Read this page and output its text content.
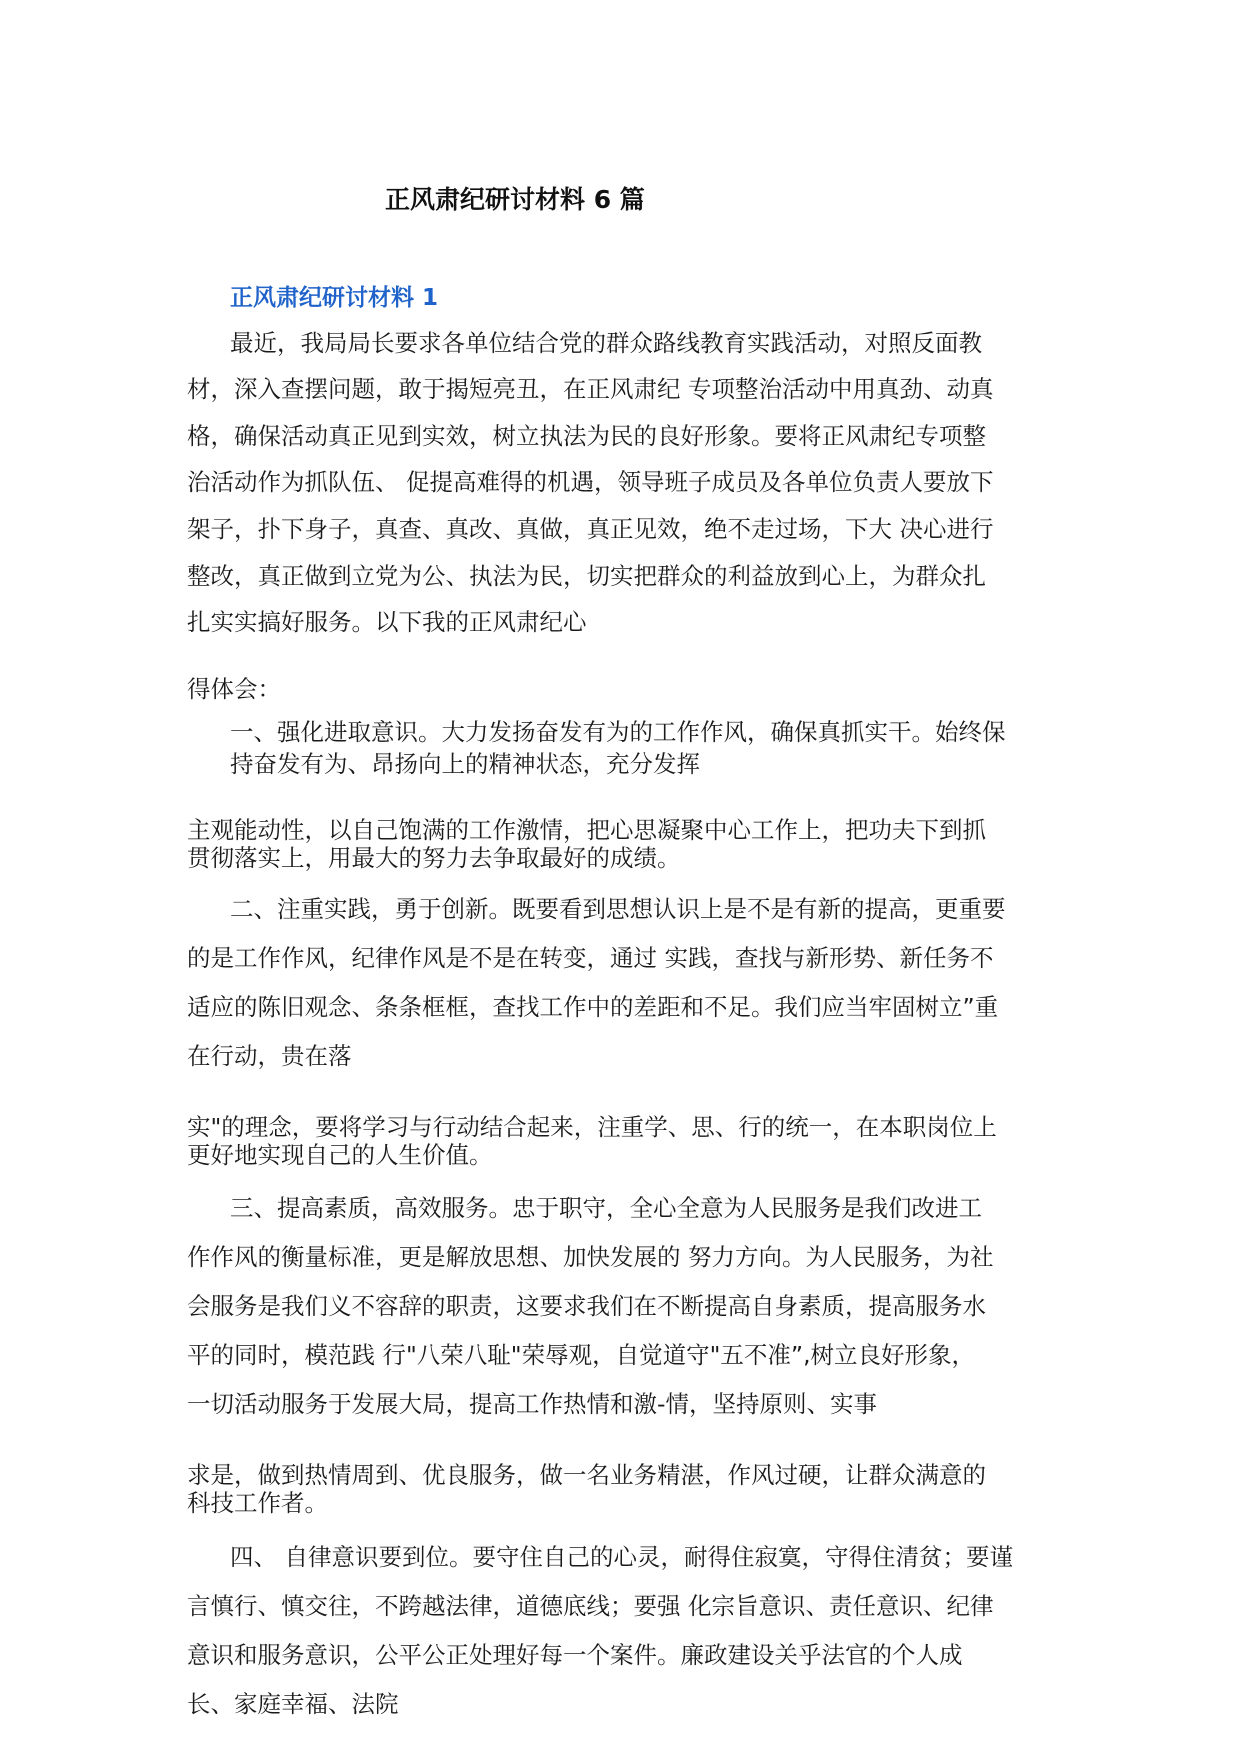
正风肃纪研讨材料 6 篇
正风肃纪研讨材料 1
最近，我局局长要求各单位结合党的群众路线教育实践活动，对照反面教
材，深入查摆问题，敢于揭短亮丑，在正风肃纪 专项整治活动中用真劲、动真
格，确保活动真正见到实效，树立执法为民的良好形象。要将正风肃纪专项整
治活动作为抓队伍、 促提高难得的机遇，领导班子成员及各单位负责人要放下
架子，扑下身子，真查、真改、真做，真正见效，绝不走过场，下大 决心进行
整改，真正做到立党为公、执法为民，切实把群众的利益放到心上，为群众扎
扎实实搞好服务。以下我的正风肃纪心
得体会：
一、强化进取意识。大力发扬奋发有为的工作作风，确保真抓实干。始终保
持奋发有为、昂扬向上的精神状态，充分发挥
主观能动性，以自己饱满的工作激情，把心思凝聚中心工作上，把功夫下到抓
贯彻落实上，用最大的努力去争取最好的成绩。
二、注重实践，勇于创新。既要看到思想认识上是不是有新的提高，更重要
的是工作作风，纪律作风是不是在转变，通过 实践，查找与新形势、新任务不
适应的陈旧观念、条条框框，查找工作中的差距和不足。我们应当牢固树立”重
在行动，贵在落
实"的理念，要将学习与行动结合起来，注重学、思、行的统一，在本职岗位上
更好地实现自己的人生价值。
三、提高素质，高效服务。忠于职守，全心全意为人民服务是我们改进工
作作风的衡量标准，更是解放思想、加快发展的 努力方向。为人民服务，为社
会服务是我们义不容辞的职责，这要求我们在不断提高自身素质，提高服务水
平的同时，模范践 行"八荣八耻"荣辱观，自觉道守"五不准”,树立良好形象，
一切活动服务于发展大局，提高工作热情和激-情，坚持原则、实事
求是，做到热情周到、优良服务，做一名业务精湛，作风过硬，让群众满意的
科技工作者。
四、 自律意识要到位。要守住自己的心灵，耐得住寂寞，守得住清贫；要谨
言慎行、慎交往，不跨越法律，道德底线；要强 化宗旨意识、责任意识、纪律
意识和服务意识，公平公正处理好每一个案件。廉政建设关乎法官的个人成
长、家庭幸福、法院
